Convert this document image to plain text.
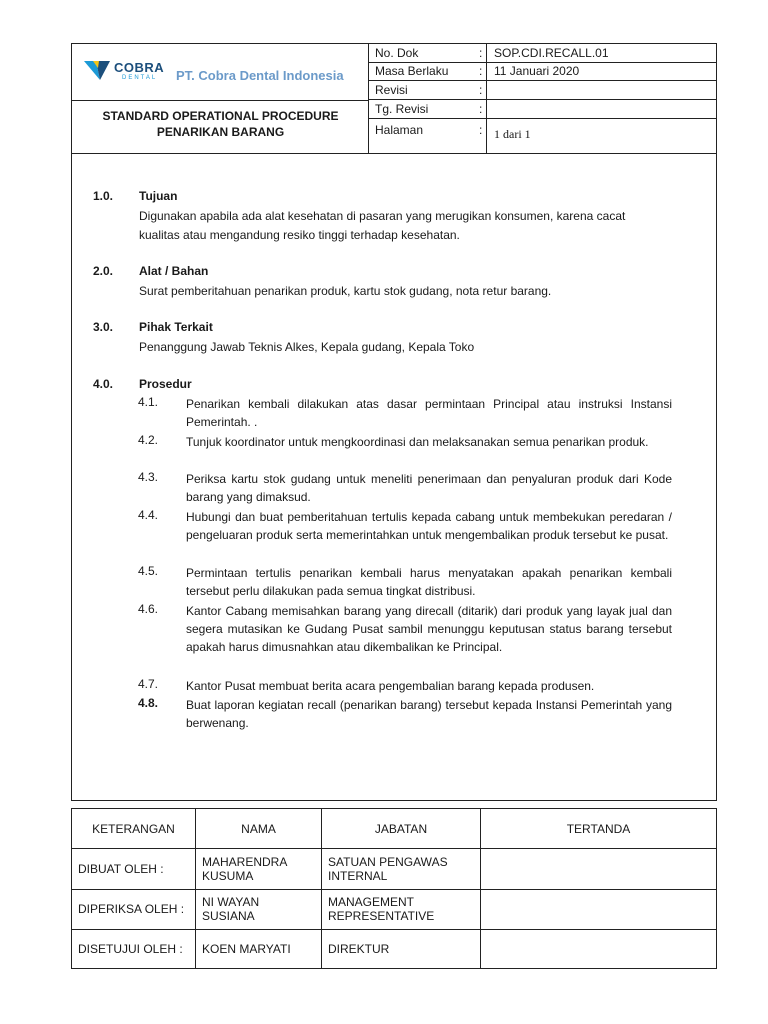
COBRA
DENTAL PT. Cobra Dental Indonesia
STANDARD OPERATIONAL PROCEDURE
PENARIKAN BARANG
No. Dok	: SOP.CDI.RECALL.01
Masa Berlaku	: 11 Januari 2020
Revisi	:
Tg. Revisi	:
Halaman	: 1 dari 1
1.0. Tujuan
Digunakan apabila ada alat kesehatan di pasaran yang merugikan konsumen, karena cacat
kualitas atau mengandung resiko tinggi terhadap kesehatan.
2.0. Alat / Bahan
Surat pemberitahuan penarikan produk, kartu stok gudang, nota retur barang.
3.0. Pihak Terkait
Penanggung Jawab Teknis Alkes, Kepala gudang, Kepala Toko
4.0. Prosedur
4.1. Penarikan kembali dilakukan atas dasar permintaan Principal atau instruksi Instansi Pemerintah. .
4.2. Tunjuk koordinator untuk mengkoordinasi dan melaksanakan semua penarikan produk.
4.3. Periksa kartu stok gudang untuk meneliti penerimaan dan penyaluran produk dari Kode barang yang dimaksud.
4.4. Hubungi dan buat pemberitahuan tertulis kepada cabang untuk membekukan peredaran / pengeluaran produk serta memerintahkan untuk mengembalikan produk tersebut ke pusat.
4.5. Permintaan tertulis penarikan kembali harus menyatakan apakah penarikan kembali tersebut perlu dilakukan pada semua tingkat distribusi.
4.6. Kantor Cabang memisahkan barang yang direcall (ditarik) dari produk yang layak jual dan segera mutasikan ke Gudang Pusat sambil menunggu keputusan status barang tersebut apakah harus dimusnahkan atau dikembalikan ke Principal.
4.7. Kantor Pusat membuat berita acara pengembalian barang kepada produsen.
4.8. Buat laporan kegiatan recall (penarikan barang) tersebut kepada Instansi Pemerintah yang berwenang.
KETERANGAN	NAMA	JABATAN	TERTANDA
DIBUAT OLEH :	MAHARENDRA KUSUMA	SATUAN PENGAWAS INTERNAL	
DIPERIKSA OLEH :	NI WAYAN SUSIANA	MANAGEMENT REPRESENTATIVE	
DISETUJUI OLEH :	KOEN MARYATI	DIREKTUR	
